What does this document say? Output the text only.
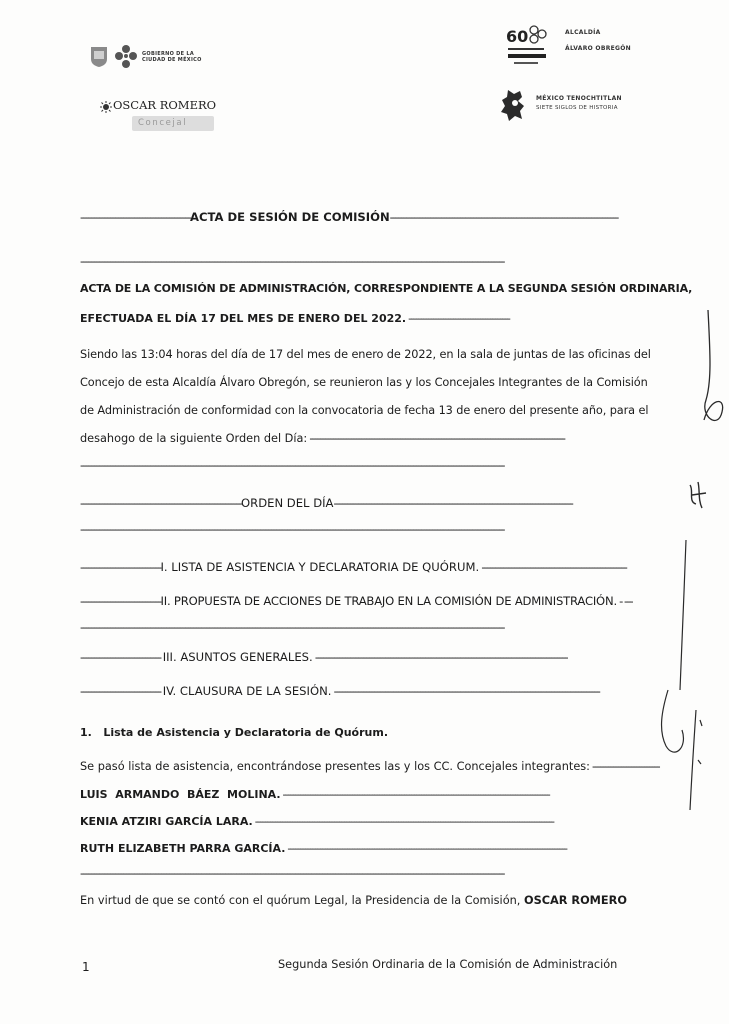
GOBIERNO DE LA
CIUDAD DE MÉXICO
OSCAR ROMERO
Concejal
60	ALCALDÍA
ÁLVARO OBREGÓN
MÉXICO TENOCHTITLAN
SIETE SIGLOS DE HISTORIA
-----------------------------------------ACTA DE SESIÓN DE COMISIÓN-------------------------------------------------------------------------------------
--------------------------------------------------------------------------------------------------------------------------------------------------------------
ACTA DE LA COMISIÓN DE ADMINISTRACIÓN, CORRESPONDIENTE A LA SEGUNDA SESIÓN ORDINARIA,
EFECTUADA EL DÍA 17 DEL MES DE ENERO DEL 2022. -----------------------------------------
Siendo las 13:04 horas del día de 17 del mes de enero de 2022, en la sala de juntas de las oficinas del
Concejo de esta Alcaldía Álvaro Obregón, se reunieron las y los Concejales Integrantes de la Comisión
de Administración de conformidad con la convocatoria de fecha 13 de enero del presente año, para el
desahogo de la siguiente Orden del Día: ---------------------------------------------------------------------------------------------------
--------------------------------------------------------------------------------------------------------------------------------------------------------------
------------------------------------------------------------ORDEN DEL DÍA-----------------------------------------------------------------------------------------
--------------------------------------------------------------------------------------------------------------------------------------------------------------
------------------------------I. LISTA DE ASISTENCIA Y DECLARATORIA DE QUÓRUM. ------------------------------------------------------
------------------------------II. PROPUESTA DE ACCIONES DE TRABAJO EN LA COMISIÓN DE ADMINISTRACIÓN. - ---
--------------------------------------------------------------------------------------------------------------------------------------------------------------
------------------------------ III. ASUNTOS GENERALES. ----------------------------------------------------------------------------------------------
------------------------------ IV. CLAUSURA DE LA SESIÓN. ---------------------------------------------------------------------------------------------------
1.   Lista de Asistencia y Declaratoria de Quórum.
Se pasó lista de asistencia, encontrándose presentes las y los CC. Concejales integrantes: --------------------------
LUIS  ARMANDO  BÁEZ  MOLINA. ------------------------------------------------------------------------------------------------------------
KENIA ATZIRI GARCÍA LARA. -------------------------------------------------------------------------------------------------------------------------
RUTH ELIZABETH PARRA GARCÍA. -----------------------------------------------------------------------------------------------------------------
--------------------------------------------------------------------------------------------------------------------------------------------------------------
En virtud de que se contó con el quórum Legal, la Presidencia de la Comisión, OSCAR ROMERO
1	Segunda Sesión Ordinaria de la Comisión de Administración
